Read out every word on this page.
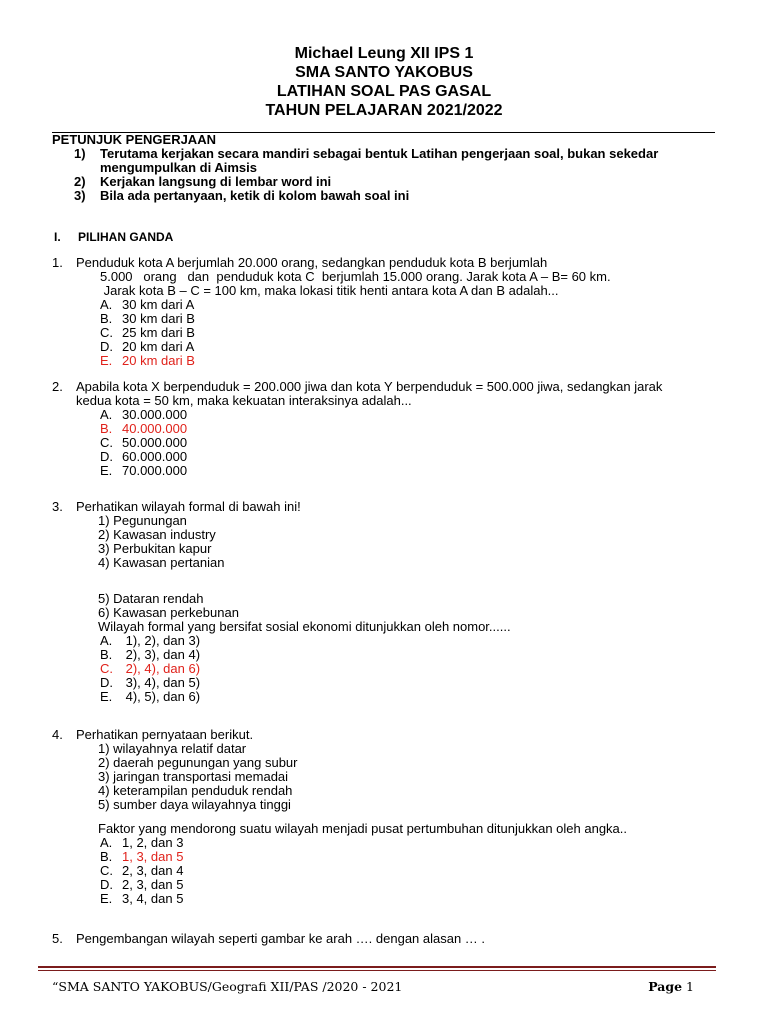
Michael Leung XII IPS 1
SMA SANTO YAKOBUS
LATIHAN SOAL PAS GASAL
TAHUN PELAJARAN 2021/2022
PETUNJUK PENGERJAAN
1) Terutama kerjakan secara mandiri sebagai bentuk Latihan pengerjaan soal, bukan sekedar mengumpulkan di Aimsis
2) Kerjakan langsung di lembar word ini
3) Bila ada pertanyaan, ketik di kolom bawah soal ini
I. PILIHAN GANDA
1. Penduduk kota A berjumlah 20.000 orang, sedangkan penduduk kota B berjumlah
5.000   orang   dan  penduduk kota C  berjumlah 15.000 orang. Jarak kota A – B= 60 km.
Jarak kota B – C = 100 km, maka lokasi titik henti antara kota A dan B adalah...
A. 30 km dari A
B. 30 km dari B
C. 25 km dari B
D. 20 km dari A
E. 20 km dari B
2. Apabila kota X berpenduduk = 200.000 jiwa dan kota Y berpenduduk = 500.000 jiwa, sedangkan jarak
kedua kota = 50 km, maka kekuatan interaksinya adalah...
A. 30.000.000
B. 40.000.000
C. 50.000.000
D. 60.000.000
E. 70.000.000
3. Perhatikan wilayah formal di bawah ini!
1) Pegunungan
2) Kawasan industry
3) Perbukitan kapur
4) Kawasan pertanian
5) Dataran rendah
6) Kawasan perkebunan
Wilayah formal yang bersifat sosial ekonomi ditunjukkan oleh nomor......
A. 1), 2), dan 3)
B. 2), 3), dan 4)
C. 2), 4), dan 6)
D. 3), 4), dan 5)
E. 4), 5), dan 6)
4. Perhatikan pernyataan berikut.
1) wilayahnya relatif datar
2) daerah pegunungan yang subur
3) jaringan transportasi memadai
4) keterampilan penduduk rendah
5) sumber daya wilayahnya tinggi
Faktor yang mendorong suatu wilayah menjadi pusat pertumbuhan ditunjukkan oleh angka..
A. 1, 2, dan 3
B. 1, 3, dan 5
C. 2, 3, dan 4
D. 2, 3, dan 5
E. 3, 4, dan 5
5. Pengembangan wilayah seperti gambar ke arah …. dengan alasan … .
“SMA SANTO YAKOBUS/Geografi XII/PAS /2020 - 2021	Page 1
